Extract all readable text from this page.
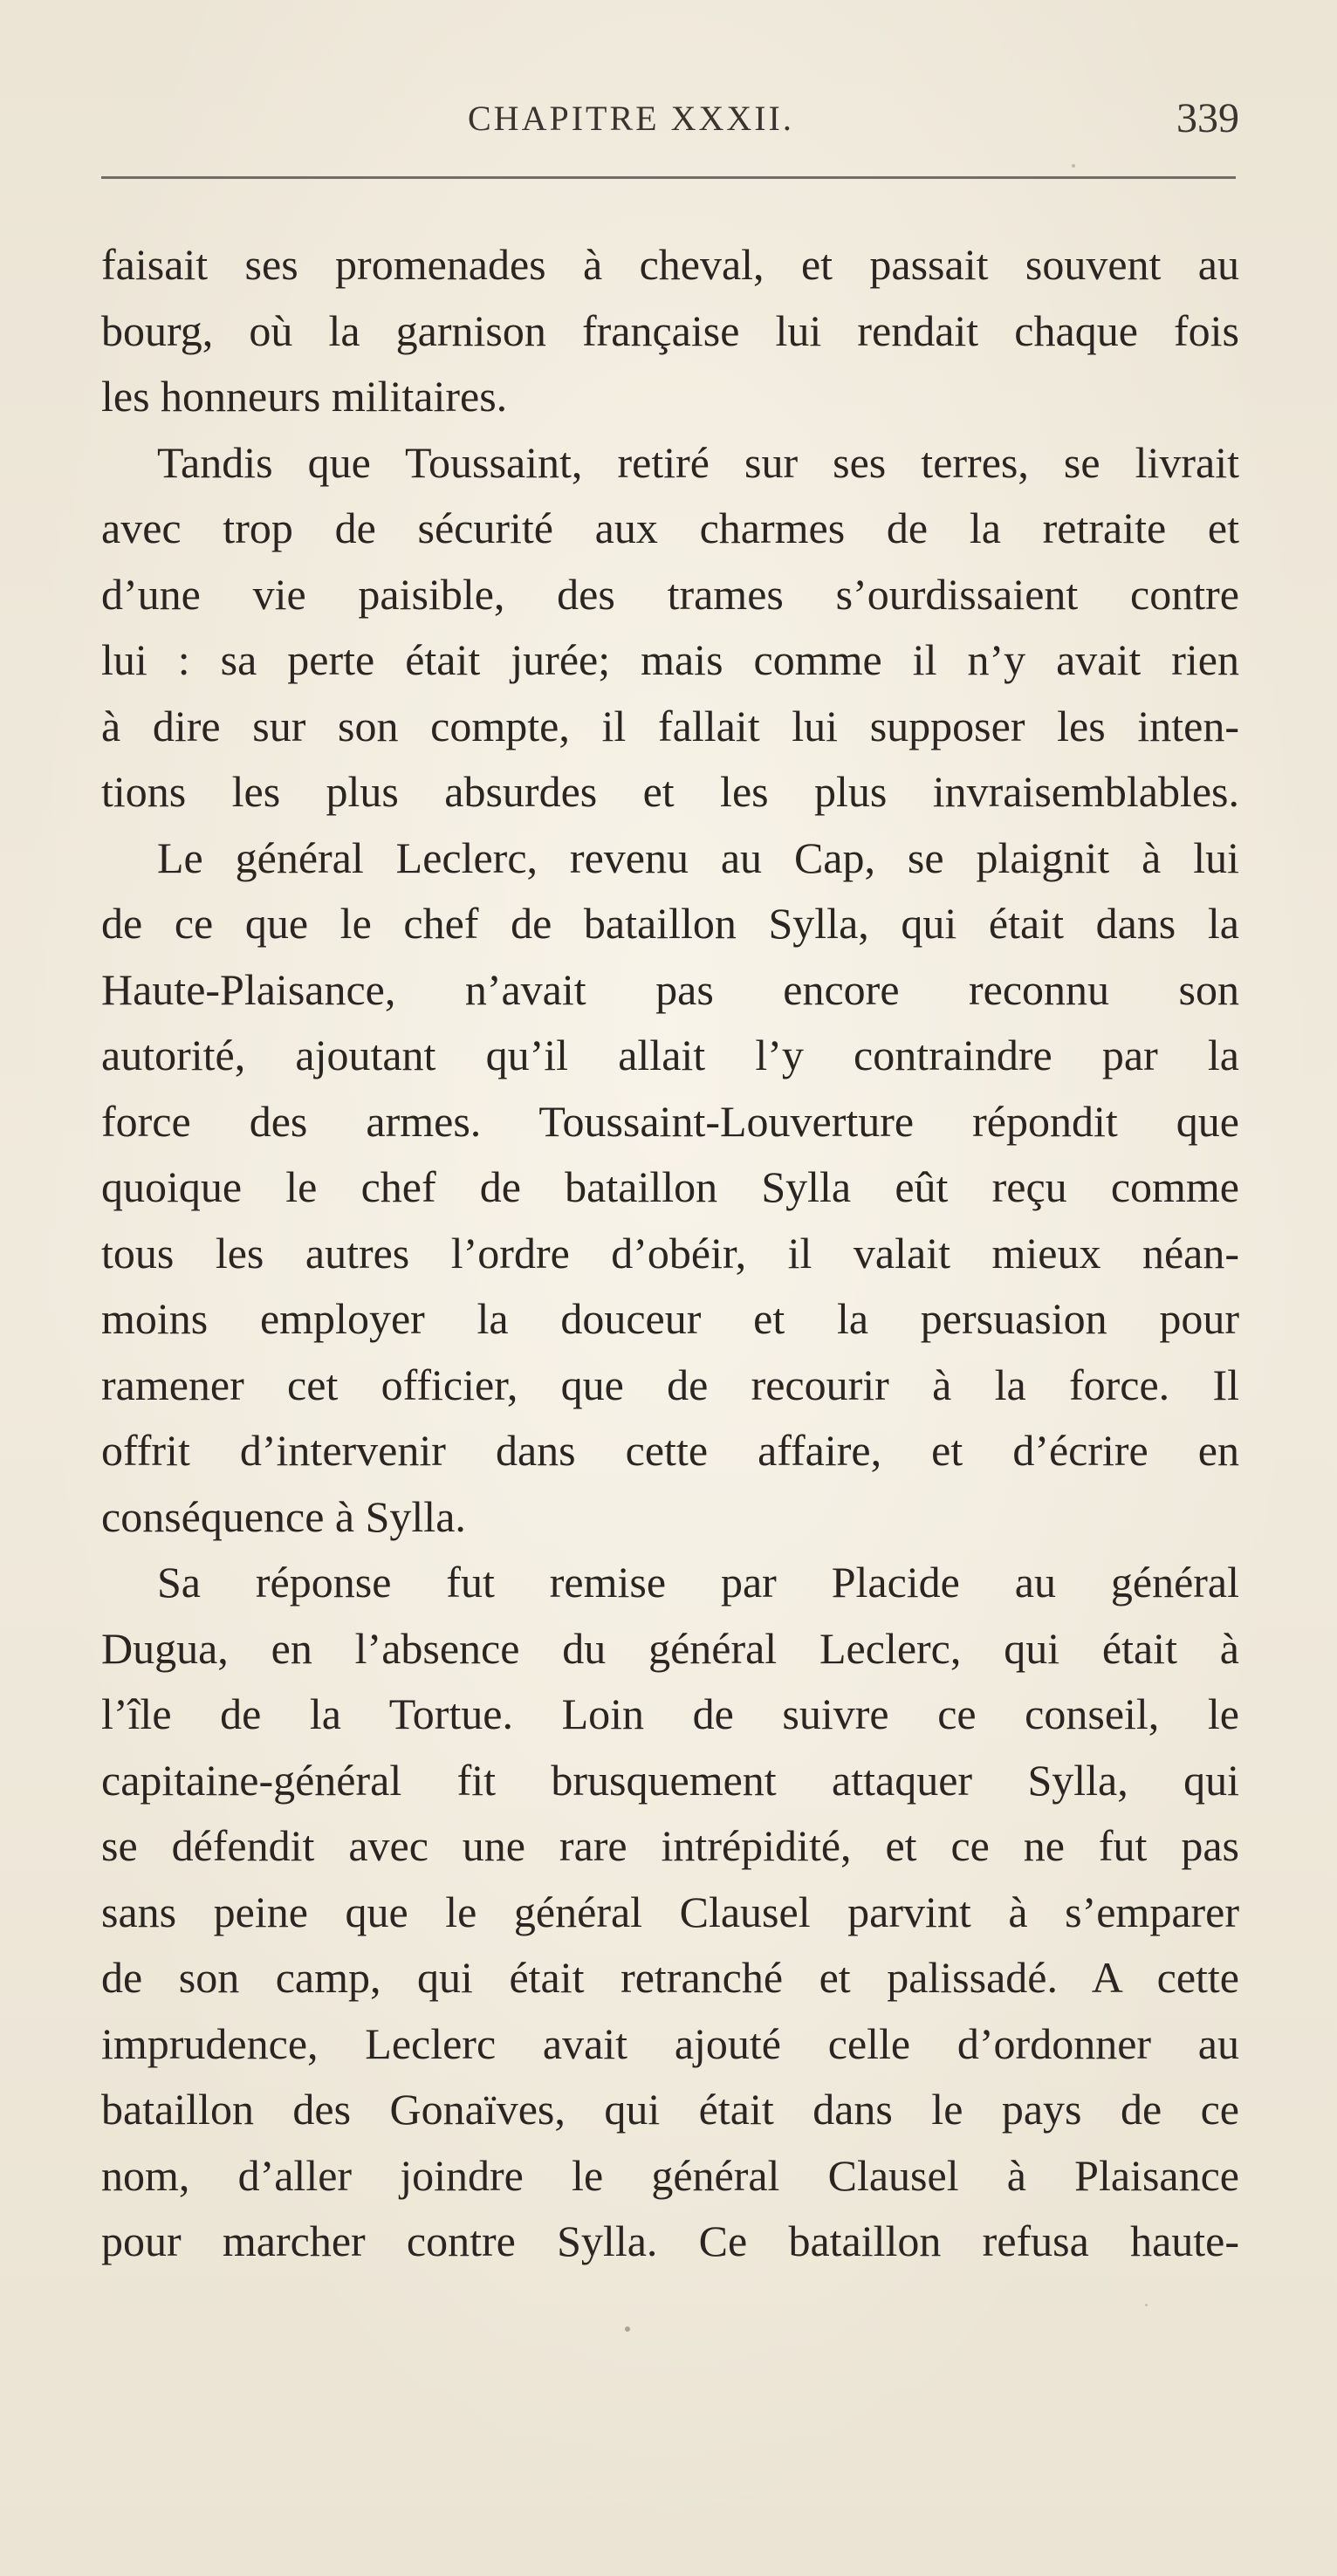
CHAPITRE XXXII.	339
faisait ses promenades à cheval, et passait souvent au
bourg, où la garnison française lui rendait chaque fois
les honneurs militaires.
Tandis que Toussaint, retiré sur ses terres, se livrait
avec trop de sécurité aux charmes de la retraite et
d’une vie paisible, des trames s’ourdissaient contre
lui : sa perte était jurée; mais comme il n’y avait rien
à dire sur son compte, il fallait lui supposer les inten-
tions les plus absurdes et les plus invraisemblables.
Le général Leclerc, revenu au Cap, se plaignit à lui
de ce que le chef de bataillon Sylla, qui était dans la
Haute-Plaisance, n’avait pas encore reconnu son
autorité, ajoutant qu’il allait l’y contraindre par la
force des armes. Toussaint-Louverture répondit que
quoique le chef de bataillon Sylla eût reçu comme
tous les autres l’ordre d’obéir, il valait mieux néan-
moins employer la douceur et la persuasion pour
ramener cet officier, que de recourir à la force. Il
offrit d’intervenir dans cette affaire, et d’écrire en
conséquence à Sylla.
Sa réponse fut remise par Placide au général
Dugua, en l’absence du général Leclerc, qui était à
l’île de la Tortue. Loin de suivre ce conseil, le
capitaine-général fit brusquement attaquer Sylla, qui
se défendit avec une rare intrépidité, et ce ne fut pas
sans peine que le général Clausel parvint à s’emparer
de son camp, qui était retranché et palissadé. A cette
imprudence, Leclerc avait ajouté celle d’ordonner au
bataillon des Gonaïves, qui était dans le pays de ce
nom, d’aller joindre le général Clausel à Plaisance
pour marcher contre Sylla. Ce bataillon refusa haute-
